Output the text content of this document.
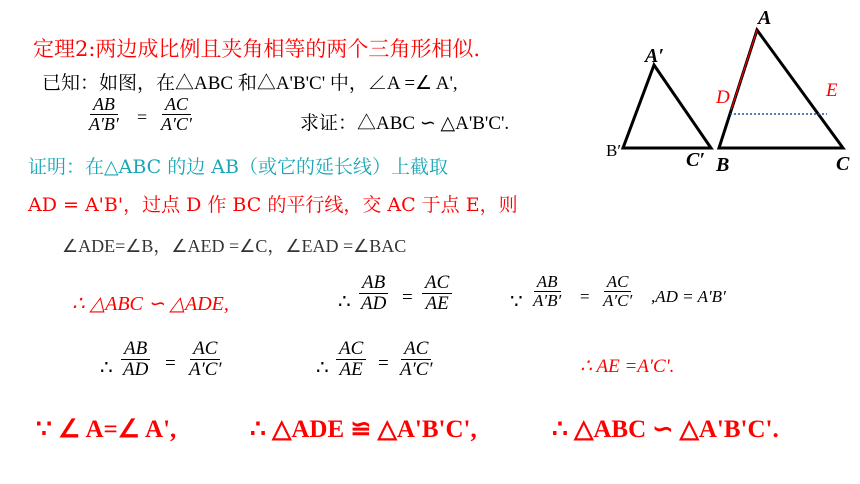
定理2:两边成比例且夹角相等的两个三角形相似.
已知：如图，在△ABC 和△A'B'C' 中，∠A =∠ A',
$\frac{AB}{A'B'} = \frac{AC}{A'C'}$	求证：△ABC ∽ △A'B'C'.
证明：在△ABC 的边 AB（或它的延长线）上截取
AD = A'B'，过点 D 作 BC 的平行线，交 AC 于点 E，则
∠ADE=∠B，∠AED =∠C，∠EAD =∠BAC
∴ △ABC ∽ △ADE,	∴ $\frac{AB}{AD} = \frac{AC}{AE}$	∵ $\frac{AB}{A'B'} = \frac{AC}{A'C'} ,AD = A'B'$
∴ $\frac{AB}{AD} = \frac{AC}{A'C'}$	∴ $\frac{AC}{AE} = \frac{AC}{A'C'}$	∴ AE =A'C'.
∵ ∠ A=∠ A',	∴ △ADE ≌ △A'B'C',	∴ △ABC ∽ △A'B'C'.
A′
B′	C′
A
B	C
D	E
